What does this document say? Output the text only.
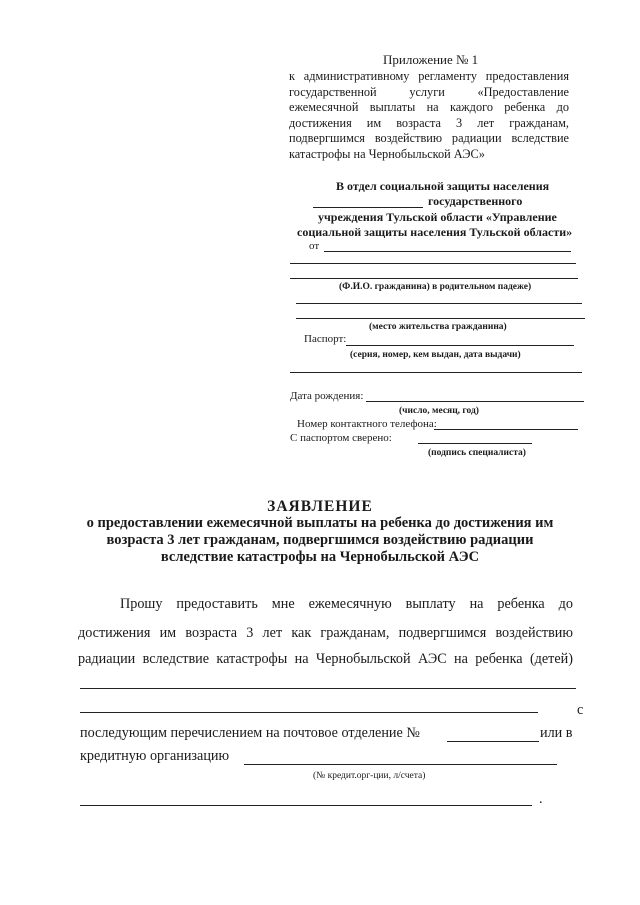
Приложение № 1
к административному регламенту предоставления
государственной услуги «Предоставление
ежемесячной выплаты на каждого ребенка до
достижения им возраста 3 лет гражданам,
подвергшимся воздействию радиации вследствие
катастрофы на Чернобыльской АЭС»
В отдел социальной защиты населения
государственного
учреждения Тульской области «Управление
социальной защиты населения Тульской области»
от
(Ф.И.О. гражданина) в родительном падеже)
(место жительства гражданина)
Паспорт:
(серия, номер, кем выдан, дата выдачи)
Дата рождения:
(число, месяц, год)
Номер контактного телефона:
С паспортом сверено:
(подпись специалиста)
ЗАЯВЛЕНИЕ
о предоставлении ежемесячной выплаты на ребенка до достижения им
возраста 3 лет гражданам, подвергшимся воздействию радиации
вследствие катастрофы на Чернобыльской АЭС
Прошу предоставить мне ежемесячную выплату на ребенка до
достижения им возраста 3 лет как гражданам, подвергшимся воздействию
радиации вследствие катастрофы на Чернобыльской АЭС на ребенка (детей)
с
последующим перечислением на почтовое отделение №	или в
кредитную организацию
(№ кредит.орг-ции, л/счета)
.
